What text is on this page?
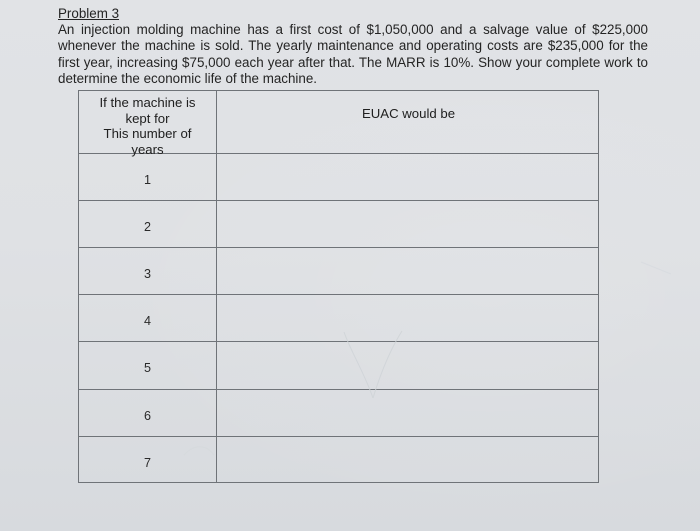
Problem 3
An injection molding machine has a first cost of $1,050,000 and a salvage value of $225,000 whenever the machine is sold. The yearly maintenance and operating costs are $235,000 for the first year, increasing $75,000 each year after that. The MARR is 10%. Show your complete work to determine the economic life of the machine.
If the machine is
kept for
This number of
years
EUAC would be
1
2
3
4
5
6
7
